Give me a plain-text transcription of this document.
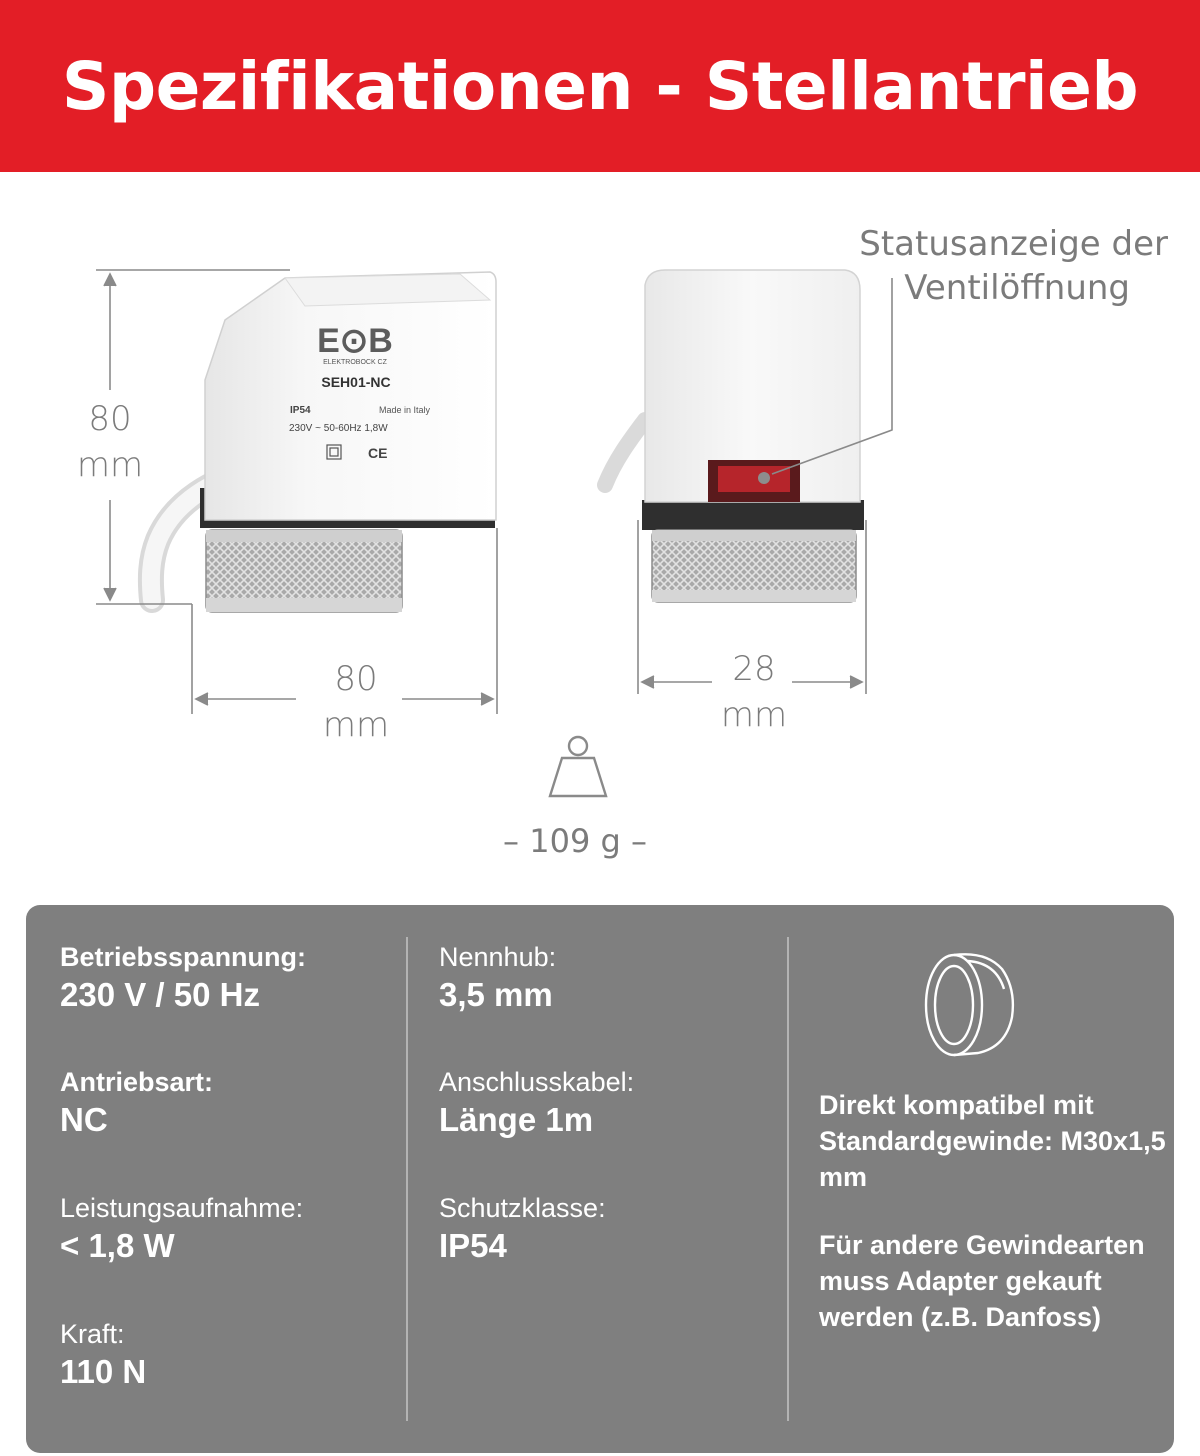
Spezifikationen - Stellantrieb
E⊙B
ELEKTROBOCK CZ
SEH01-NC
IP54	Made in Italy
230V ~ 50-60Hz 1,8W
CE
80
mm
80
mm
28
mm
Statusanzeige der
Ventilöffnung
– 109 g –
Betriebsspannung:
230 V / 50 Hz
Antriebsart:
NC
Leistungsaufnahme:
< 1,8 W
Kraft:
110 N
Nennhub:
3,5 mm
Anschlusskabel:
Länge 1m
Schutzklasse:
IP54
Direkt kompatibel mit Standardgewinde: M30x1,5 mm
Für andere Gewindearten muss Adapter gekauft werden (z.B. Danfoss)
